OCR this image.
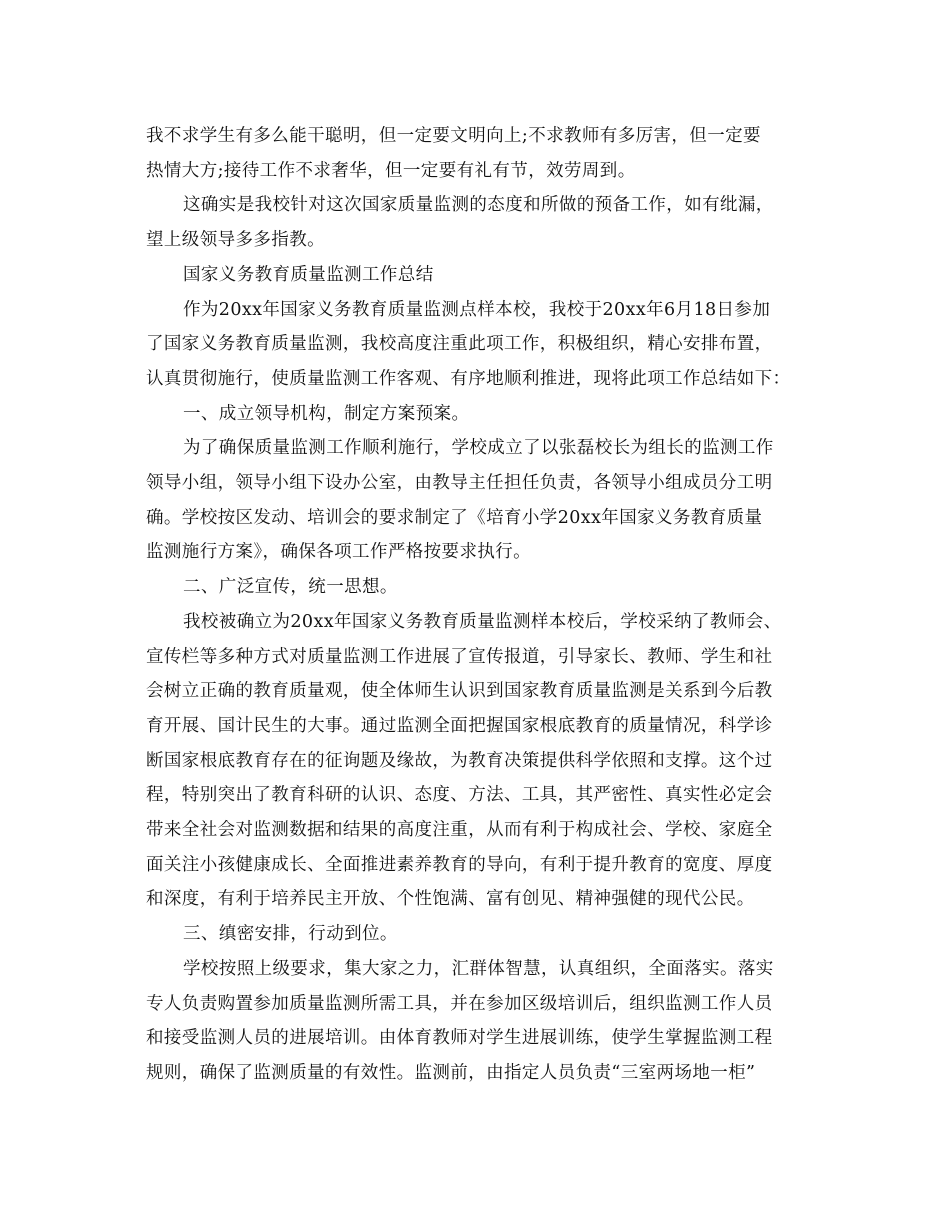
我不求学生有多么能干聪明，但一定要文明向上;不求教师有多厉害，但一定要
热情大方;接待工作不求奢华，但一定要有礼有节，效劳周到。

这确实是我校针对这次国家质量监测的态度和所做的预备工作，如有纰漏，
望上级领导多多指教。

国家义务教育质量监测工作总结

作为20xx年国家义务教育质量监测点样本校，我校于20xx年6月18日参加
了国家义务教育质量监测，我校高度注重此项工作，积极组织，精心安排布置，
认真贯彻施行，使质量监测工作客观、有序地顺利推进，现将此项工作总结如下：

一、成立领导机构，制定方案预案。

为了确保质量监测工作顺利施行，学校成立了以张磊校长为组长的监测工作
领导小组，领导小组下设办公室，由教导主任担任负责，各领导小组成员分工明
确。学校按区发动、培训会的要求制定了《培育小学20xx年国家义务教育质量
监测施行方案》，确保各项工作严格按要求执行。

二、广泛宣传，统一思想。

我校被确立为20xx年国家义务教育质量监测样本校后，学校采纳了教师会、
宣传栏等多种方式对质量监测工作进展了宣传报道，引导家长、教师、学生和社
会树立正确的教育质量观，使全体师生认识到国家教育质量监测是关系到今后教
育开展、国计民生的大事。通过监测全面把握国家根底教育的质量情况，科学诊
断国家根底教育存在的征询题及缘故，为教育决策提供科学依照和支撑。这个过
程，特别突出了教育科研的认识、态度、方法、工具，其严密性、真实性必定会
带来全社会对监测数据和结果的高度注重，从而有利于构成社会、学校、家庭全
面关注小孩健康成长、全面推进素养教育的导向，有利于提升教育的宽度、厚度
和深度，有利于培养民主开放、个性饱满、富有创见、精神强健的现代公民。

三、缜密安排，行动到位。

学校按照上级要求，集大家之力，汇群体智慧，认真组织，全面落实。落实
专人负责购置参加质量监测所需工具，并在参加区级培训后，组织监测工作人员
和接受监测人员的进展培训。由体育教师对学生进展训练，使学生掌握监测工程
规则，确保了监测质量的有效性。监测前，由指定人员负责“三室两场地一柜”
